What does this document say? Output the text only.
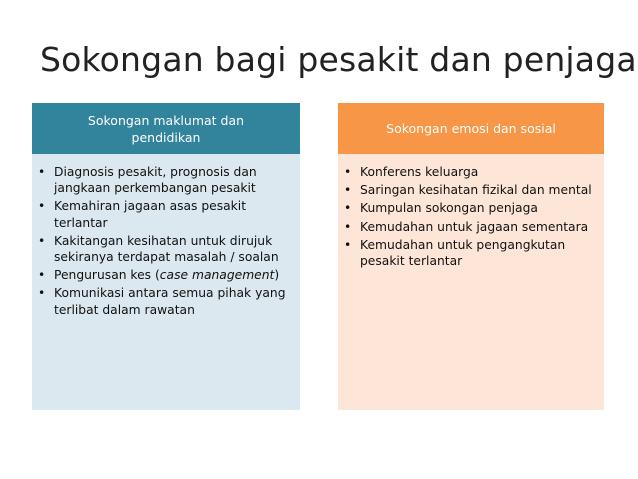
Sokongan bagi pesakit dan penjaga
Sokongan maklumat dan pendidikan
• Diagnosis pesakit, prognosis dan jangkaan perkembangan pesakit
• Kemahiran jagaan asas pesakit terlantar
• Kakitangan kesihatan untuk dirujuk sekiranya terdapat masalah / soalan
• Pengurusan kes (case management)
• Komunikasi antara semua pihak yang terlibat dalam rawatan
Sokongan emosi dan sosial
• Konferens keluarga
• Saringan kesihatan fizikal dan mental
• Kumpulan sokongan penjaga
• Kemudahan untuk jagaan sementara
• Kemudahan untuk pengangkutan pesakit terlantar
